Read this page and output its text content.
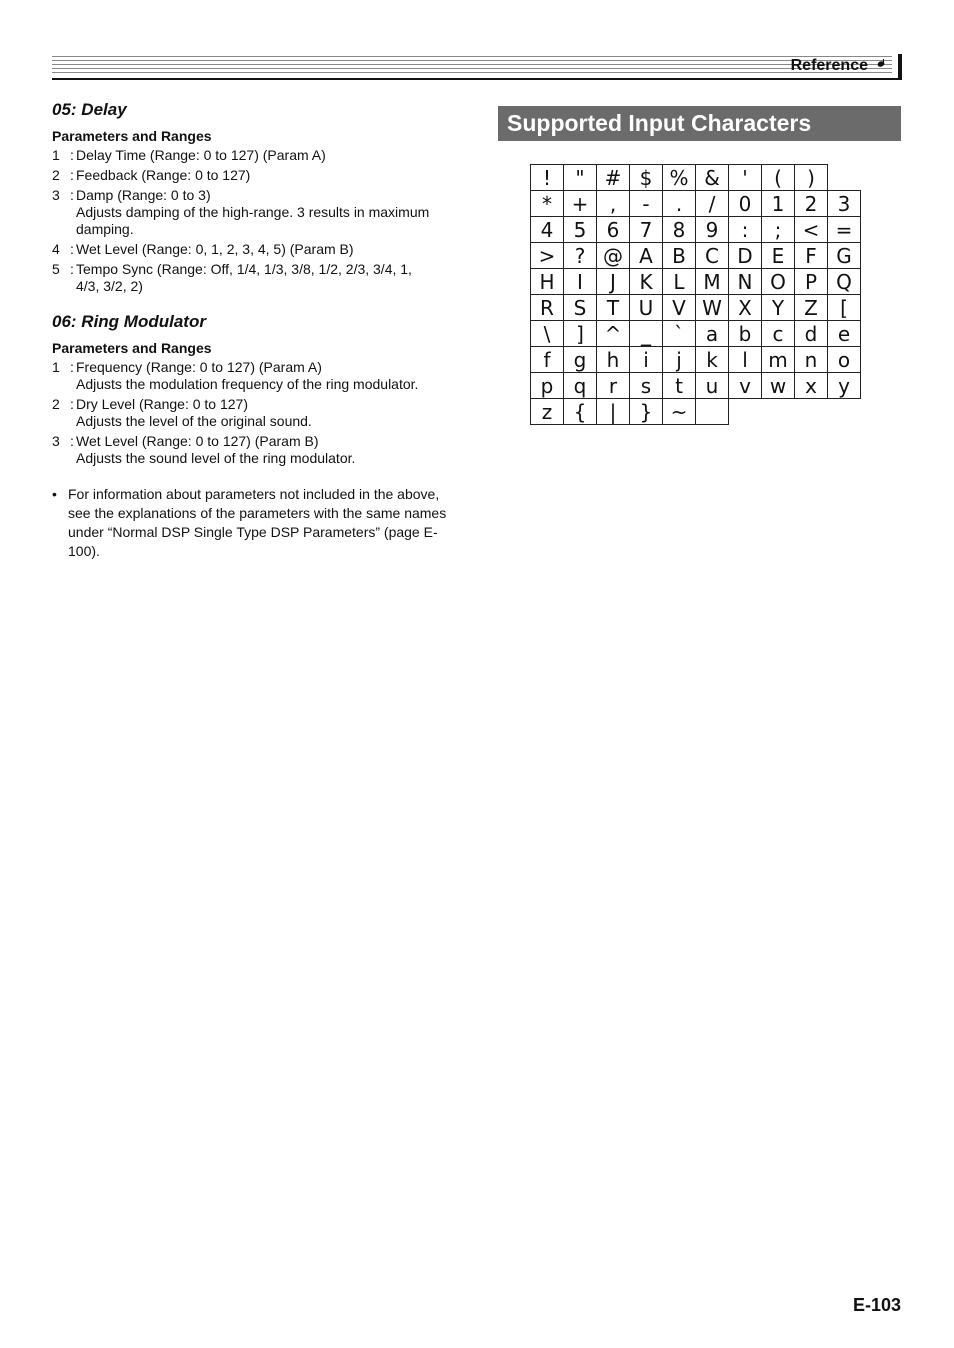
Reference
05: Delay
Parameters and Ranges
1 : Delay Time (Range: 0 to 127) (Param A)
2 : Feedback (Range: 0 to 127)
3 : Damp (Range: 0 to 3)
Adjusts damping of the high-range. 3 results in maximum damping.
4 : Wet Level (Range: 0, 1, 2, 3, 4, 5) (Param B)
5 : Tempo Sync (Range: Off, 1/4, 1/3, 3/8, 1/2, 2/3, 3/4, 1,
4/3, 3/2, 2)
06: Ring Modulator
Parameters and Ranges
1 : Frequency (Range: 0 to 127) (Param A)
Adjusts the modulation frequency of the ring modulator.
2 : Dry Level (Range: 0 to 127)
Adjusts the level of the original sound.
3 : Wet Level (Range: 0 to 127) (Param B)
Adjusts the sound level of the ring modulator.
• For information about parameters not included in the above, see the explanations of the parameters with the same names under “Normal DSP Single Type DSP Parameters” (page E-100).
Supported Input Characters
!	"	#	$	%	&	'	(	)	
*	+	,	-	.	/	0	1	2	3
4	5	6	7	8	9	:	;	<	=
>	?	@	A	B	C	D	E	F	G
H	I	J	K	L	M	N	O	P	Q
R	S	T	U	V	W	X	Y	Z	[
\	]	^	_	`	a	b	c	d	e
f	g	h	i	j	k	l	m	n	o
p	q	r	s	t	u	v	w	x	y
z	{	|	}	~					
E-103
